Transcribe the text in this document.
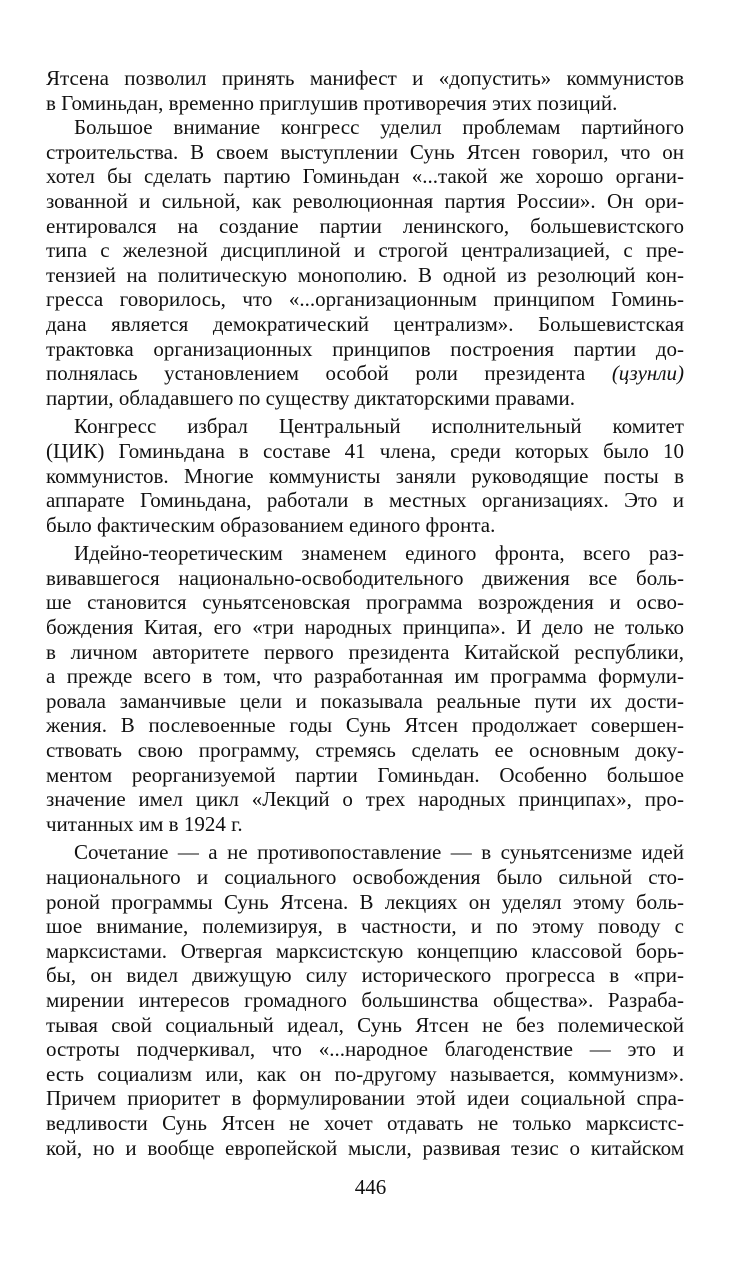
Ятсена позволил принять манифест и «допустить» коммунистов
в Гоминьдан, временно приглушив противоречия этих позиций.
Большое внимание конгресс уделил проблемам партийного
строительства. В своем выступлении Сунь Ятсен говорил, что он
хотел бы сделать партию Гоминьдан «...такой же хорошо органи-
зованной и сильной, как революционная партия России». Он ори-
ентировался на создание партии ленинского, большевистского
типа с железной дисциплиной и строгой централизацией, с пре-
тензией на политическую монополию. В одной из резолюций кон-
гресса говорилось, что «...организационным принципом Гоминь-
дана является демократический централизм». Большевистская
трактовка организационных принципов построения партии до-
полнялась установлением особой роли президента (цзунли)
партии, обладавшего по существу диктаторскими правами.
Конгресс избрал Центральный исполнительный комитет
(ЦИК) Гоминьдана в составе 41 члена, среди которых было 10
коммунистов. Многие коммунисты заняли руководящие посты в
аппарате Гоминьдана, работали в местных организациях. Это и
было фактическим образованием единого фронта.
Идейно-теоретическим знаменем единого фронта, всего раз-
вивавшегося национально-освободительного движения все боль-
ше становится суньятсеновская программа возрождения и осво-
бождения Китая, его «три народных принципа». И дело не только
в личном авторитете первого президента Китайской республики,
а прежде всего в том, что разработанная им программа формули-
ровала заманчивые цели и показывала реальные пути их дости-
жения. В послевоенные годы Сунь Ятсен продолжает совершен-
ствовать свою программу, стремясь сделать ее основным доку-
ментом реорганизуемой партии Гоминьдан. Особенно большое
значение имел цикл «Лекций о трех народных принципах», про-
читанных им в 1924 г.
Сочетание — а не противопоставление — в суньятсенизме идей
национального и социального освобождения было сильной сто-
роной программы Сунь Ятсена. В лекциях он уделял этому боль-
шое внимание, полемизируя, в частности, и по этому поводу с
марксистами. Отвергая марксистскую концепцию классовой борь-
бы, он видел движущую силу исторического прогресса в «при-
мирении интересов громадного большинства общества». Разраба-
тывая свой социальный идеал, Сунь Ятсен не без полемической
остроты подчеркивал, что «...народное благоденствие — это и
есть социализм или, как он по-другому называется, коммунизм».
Причем приоритет в формулировании этой идеи социальной спра-
ведливости Сунь Ятсен не хочет отдавать не только марксистс-
кой, но и вообще европейской мысли, развивая тезис о китайском
446
